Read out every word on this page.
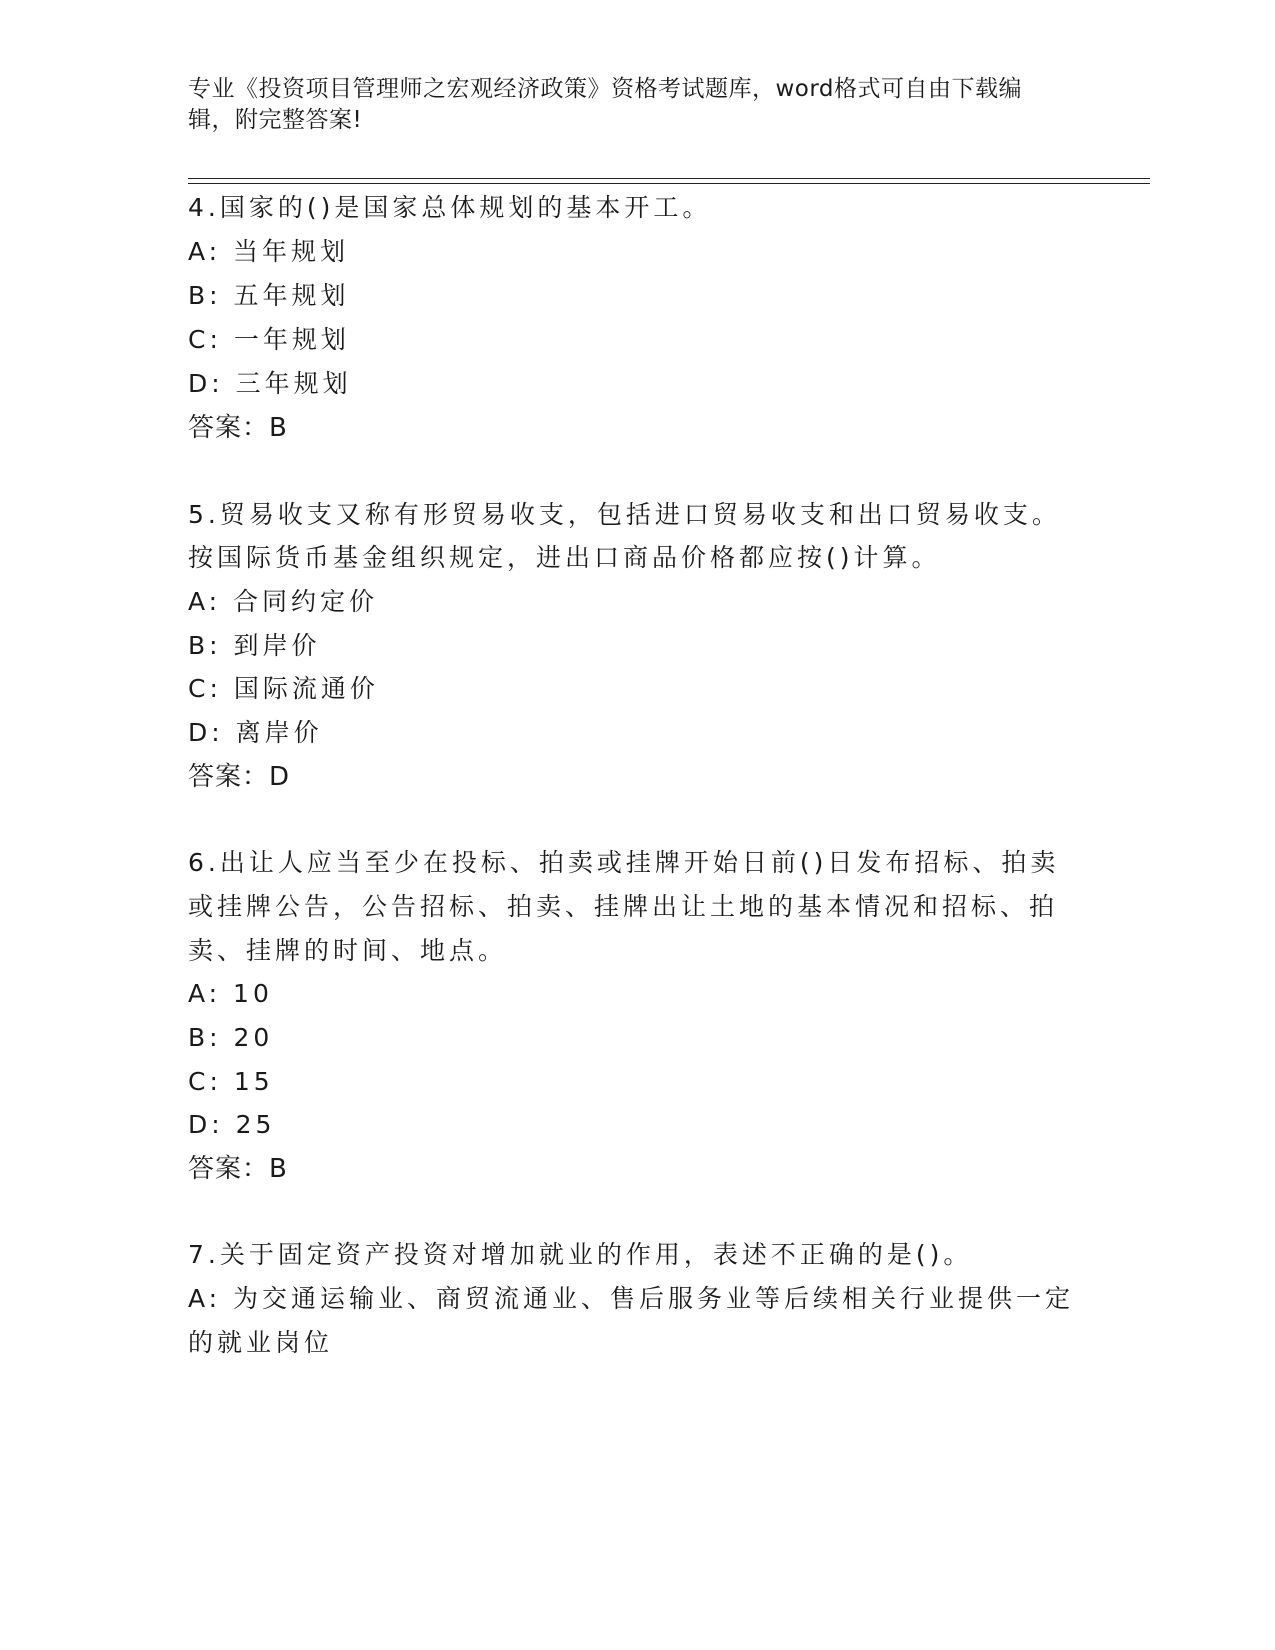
专业《投资项目管理师之宏观经济政策》资格考试题库，word格式可自由下载编
辑，附完整答案!
4.国家的()是国家总体规划的基本开工。
A: 当年规划
B: 五年规划
C: 一年规划
D: 三年规划
答案：B
5.贸易收支又称有形贸易收支，包括进口贸易收支和出口贸易收支。
按国际货币基金组织规定，进出口商品价格都应按()计算。
A: 合同约定价
B: 到岸价
C: 国际流通价
D: 离岸价
答案：D
6.出让人应当至少在投标、拍卖或挂牌开始日前()日发布招标、拍卖
或挂牌公告，公告招标、拍卖、挂牌出让土地的基本情况和招标、拍
卖、挂牌的时间、地点。
A: 10
B: 20
C: 15
D: 25
答案：B
7.关于固定资产投资对增加就业的作用，表述不正确的是()。
A: 为交通运输业、商贸流通业、售后服务业等后续相关行业提供一定
的就业岗位
